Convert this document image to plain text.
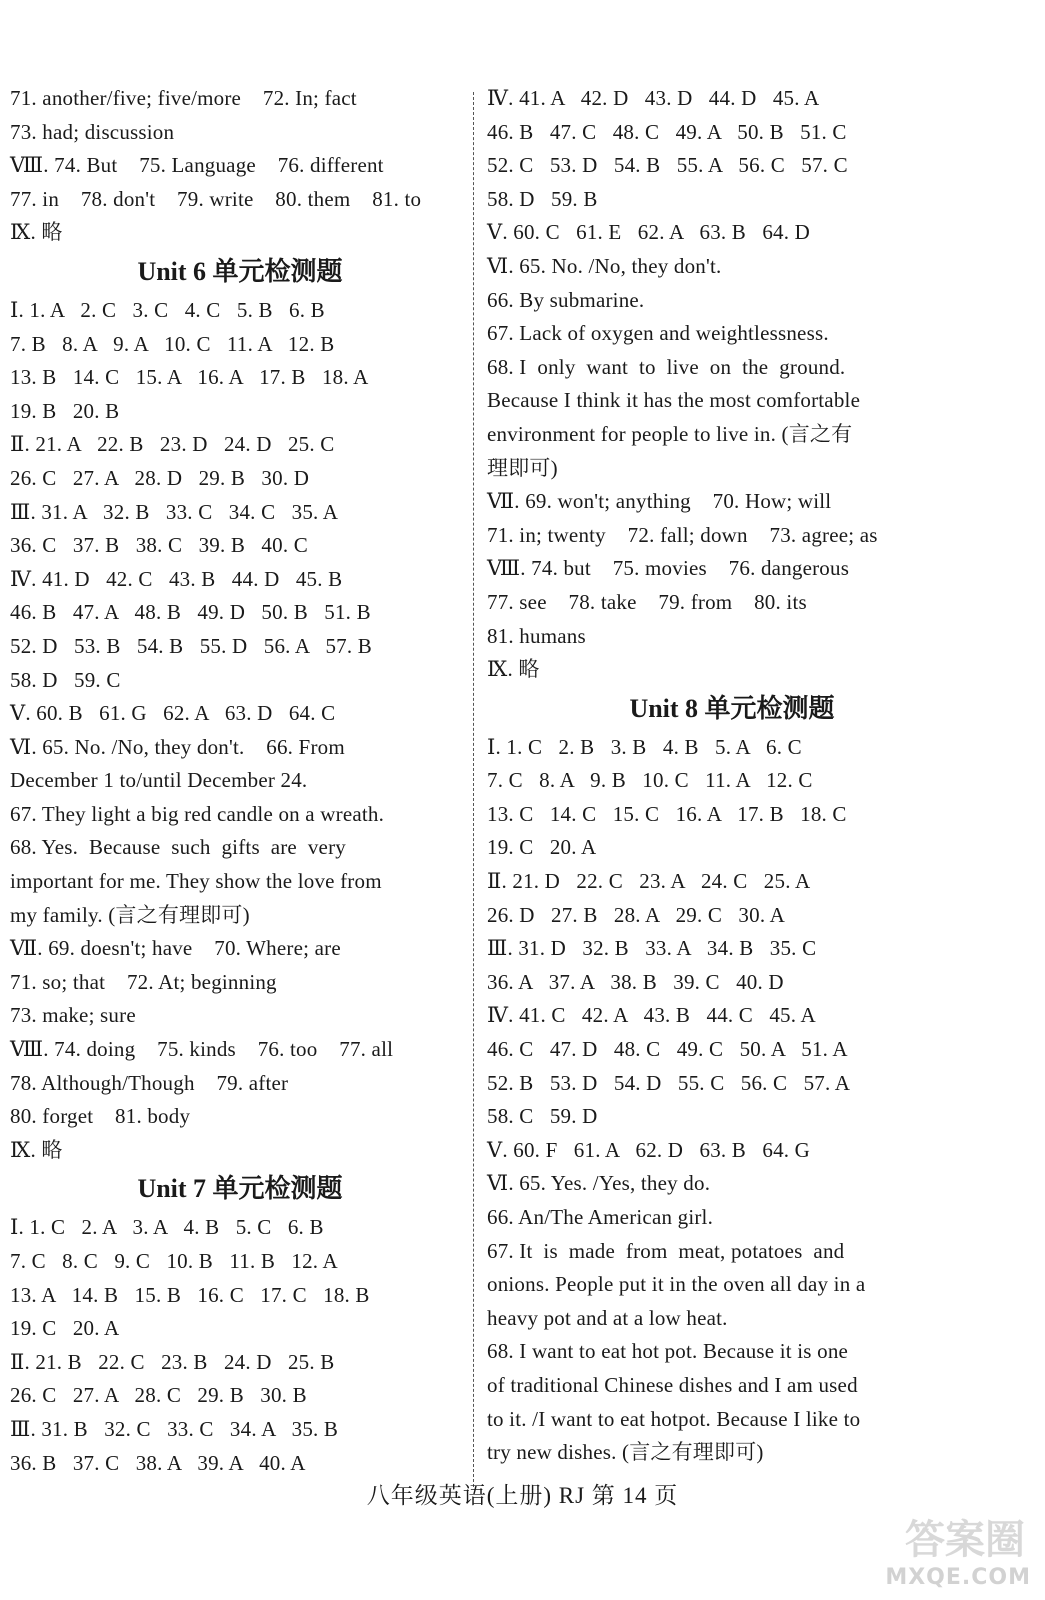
71. another/five; five/more    72. In; fact
73. had; discussion
Ⅷ. 74. But    75. Language    76. different
77. in    78. don't    79. write    80. them    81. to
Ⅸ. 略
Unit 6 单元检测题
Ⅰ. 1. A   2. C   3. C   4. C   5. B   6. B
7. B   8. A   9. A   10. C   11. A   12. B
13. B   14. C   15. A   16. A   17. B   18. A
19. B   20. B
Ⅱ. 21. A   22. B   23. D   24. D   25. C
26. C   27. A   28. D   29. B   30. D
Ⅲ. 31. A   32. B   33. C   34. C   35. A
36. C   37. B   38. C   39. B   40. C
Ⅳ. 41. D   42. C   43. B   44. D   45. B
46. B   47. A   48. B   49. D   50. B   51. B
52. D   53. B   54. B   55. D   56. A   57. B
58. D   59. C
Ⅴ. 60. B   61. G   62. A   63. D   64. C
Ⅵ. 65. No. /No, they don't.    66. From
December 1 to/until December 24.
67. They light a big red candle on a wreath.
68. Yes.  Because  such  gifts  are  very
important for me. They show the love from
my family. (言之有理即可)
Ⅶ. 69. doesn't; have    70. Where; are
71. so; that    72. At; beginning
73. make; sure
Ⅷ. 74. doing    75. kinds    76. too    77. all
78. Although/Though    79. after
80. forget    81. body
Ⅸ. 略
Unit 7 单元检测题
Ⅰ. 1. C   2. A   3. A   4. B   5. C   6. B
7. C   8. C   9. C   10. B   11. B   12. A
13. A   14. B   15. B   16. C   17. C   18. B
19. C   20. A
Ⅱ. 21. B   22. C   23. B   24. D   25. B
26. C   27. A   28. C   29. B   30. B
Ⅲ. 31. B   32. C   33. C   34. A   35. B
36. B   37. C   38. A   39. A   40. A
Ⅳ. 41. A   42. D   43. D   44. D   45. A
46. B   47. C   48. C   49. A   50. B   51. C
52. C   53. D   54. B   55. A   56. C   57. C
58. D   59. B
Ⅴ. 60. C   61. E   62. A   63. B   64. D
Ⅵ. 65. No. /No, they don't.
66. By submarine.
67. Lack of oxygen and weightlessness.
68. I  only  want  to  live  on  the  ground.
Because I think it has the most comfortable
environment for people to live in. (言之有
理即可)
Ⅶ. 69. won't; anything    70. How; will
71. in; twenty    72. fall; down    73. agree; as
Ⅷ. 74. but    75. movies    76. dangerous
77. see    78. take    79. from    80. its
81. humans
Ⅸ. 略
Unit 8 单元检测题
Ⅰ. 1. C   2. B   3. B   4. B   5. A   6. C
7. C   8. A   9. B   10. C   11. A   12. C
13. C   14. C   15. C   16. A   17. B   18. C
19. C   20. A
Ⅱ. 21. D   22. C   23. A   24. C   25. A
26. D   27. B   28. A   29. C   30. A
Ⅲ. 31. D   32. B   33. A   34. B   35. C
36. A   37. A   38. B   39. C   40. D
Ⅳ. 41. C   42. A   43. B   44. C   45. A
46. C   47. D   48. C   49. C   50. A   51. A
52. B   53. D   54. D   55. C   56. C   57. A
58. C   59. D
Ⅴ. 60. F   61. A   62. D   63. B   64. G
Ⅵ. 65. Yes. /Yes, they do.
66. An/The American girl.
67. It  is  made  from  meat, potatoes  and
onions. People put it in the oven all day in a
heavy pot and at a low heat.
68. I want to eat hot pot. Because it is one
of traditional Chinese dishes and I am used
to it. /I want to eat hotpot. Because I like to
try new dishes. (言之有理即可)
八年级英语(上册) RJ 第 14 页
答案圈
MXQE.COM
